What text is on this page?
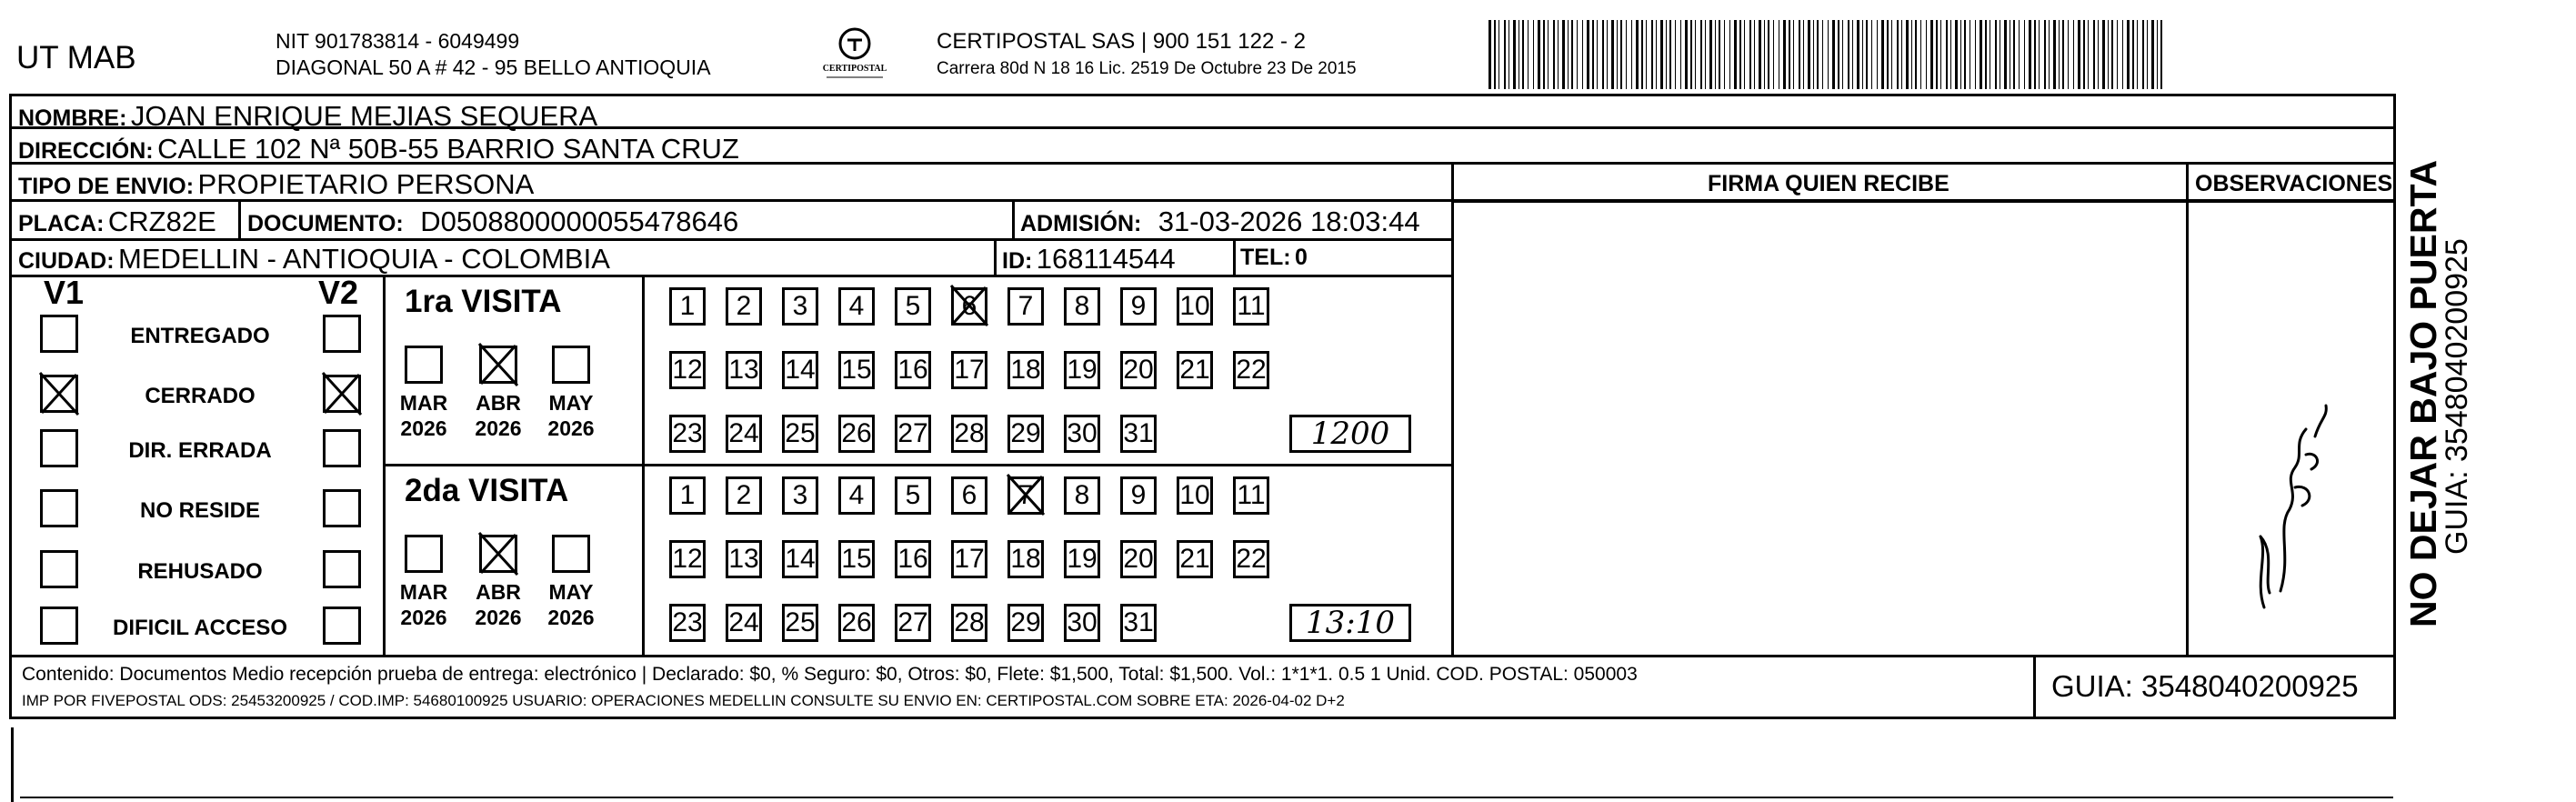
UT MAB	NIT 901783814 - 6049499
DIAGONAL 50 A # 42 - 95 BELLO ANTIOQUIA	CERTIPOSTAL
CERTIPOSTAL SAS | 900 151 122 - 2
Carrera 80d N 18 16 Lic. 2519 De Octubre 23 De 2015
NOMBRE: JOAN ENRIQUE MEJIAS SEQUERA
DIRECCIÓN: CALLE 102 Nª 50B-55 BARRIO SANTA CRUZ
TIPO DE ENVIO: PROPIETARIO PERSONA
PLACA: CRZ82E DOCUMENTO: D0508800000055478646	ADMISIÓN: 31-03-2026 18:03:44
CIUDAD: MEDELLIN - ANTIOQUIA - COLOMBIA	ID: 168114544	TEL: 0
FIRMA QUIEN RECIBE	OBSERVACIONES
V1	V2
ENTREGADO
CERRADO
DIR. ERRADA
NO RESIDE
REHUSADO
DIFICIL ACCESO
1ra VISITA
2da VISITA
MAR
2026
ABR
2026
MAY
2026
1	2	3	4	5	6	7	8	9	10 11
12 13 14 15 16 17 18 19 20 21 22
23 24 25 26 27 28 29 30 31	1200
MAR
2026
ABR
2026
MAY
2026
1	2	3	4	5	6	7	8	9	10 11
12 13 14 15 16 17 18 19 20 21 22
23 24 25 26 27 28 29 30 31	13:10
Contenido: Documentos Medio recepción prueba de entrega: electrónico | Declarado: $0, % Seguro: $0, Otros: $0, Flete: $1,500, Total: $1,500. Vol.: 1*1*1. 0.5 1 Unid. COD. POSTAL: 050003
IMP POR FIVEPOSTAL ODS: 25453200925 / COD.IMP: 54680100925 USUARIO: OPERACIONES MEDELLIN CONSULTE SU ENVIO EN: CERTIPOSTAL.COM SOBRE ETA: 2026-04-02 D+2	GUIA: 3548040200925
NO DEJAR BAJO PUERTA
GUIA: 3548040200925
